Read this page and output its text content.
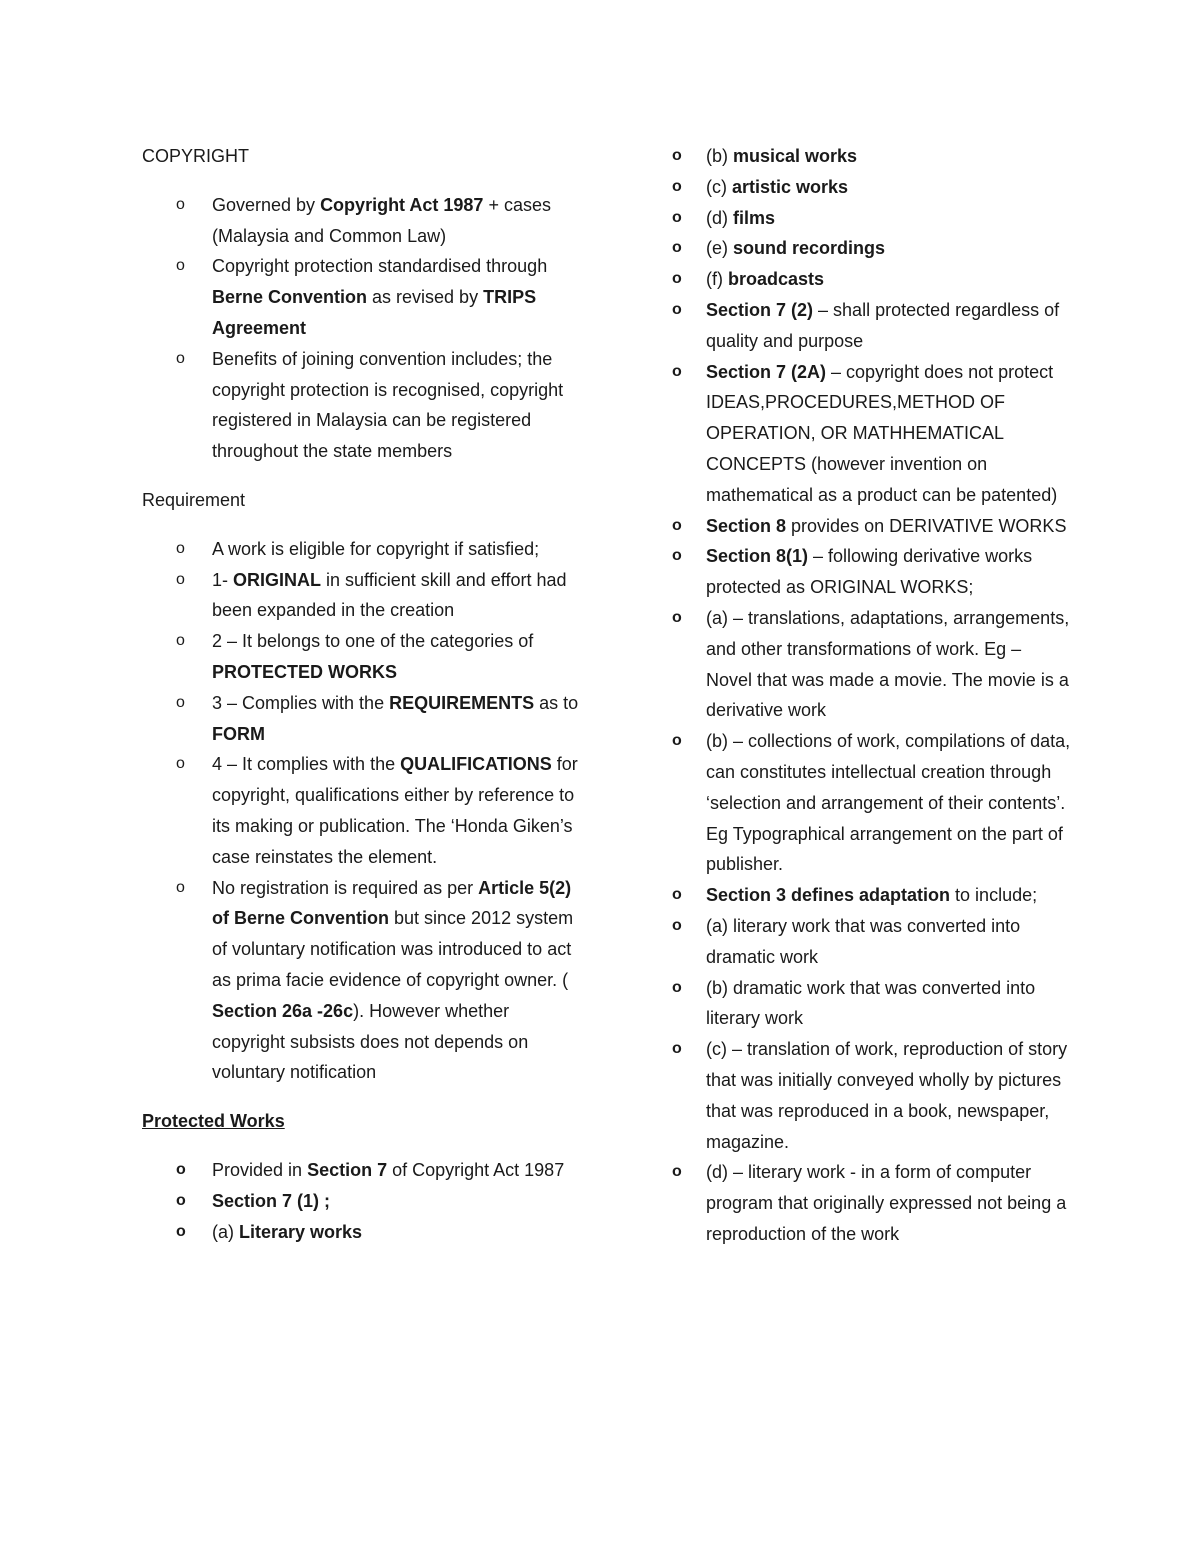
COPYRIGHT

o Governed by Copyright Act 1987 + cases (Malaysia and Common Law)
o Copyright protection standardised through Berne Convention as revised by TRIPS Agreement
o Benefits of joining convention includes; the copyright protection is recognised, copyright registered in Malaysia can be registered throughout the state members

Requirement

o A work is eligible for copyright if satisfied;
o 1- ORIGINAL in sufficient skill and effort had been expanded in the creation
o 2 – It belongs to one of the categories of PROTECTED WORKS
o 3 – Complies with the REQUIREMENTS as to FORM
o 4 – It complies with the QUALIFICATIONS for copyright, qualifications either by reference to its making or publication. The ‘Honda Giken’s case reinstates the element.
o No registration is required as per Article 5(2) of Berne Convention but since 2012 system of voluntary notification was introduced to act as prima facie evidence of copyright owner. ( Section 26a -26c). However whether copyright subsists does not depends on voluntary notification

Protected Works

o Provided in Section 7 of Copyright Act 1987
o Section 7 (1) ;
o (a) Literary works
o (b) musical works
o (c) artistic works
o (d) films
o (e) sound recordings
o (f) broadcasts
o Section 7 (2) – shall protected regardless of quality and purpose
o Section 7 (2A) – copyright does not protect IDEAS,PROCEDURES,METHOD OF OPERATION, OR MATHHEMATICAL CONCEPTS (however invention on mathematical as a product can be patented)
o Section 8 provides on DERIVATIVE WORKS
o Section 8(1) – following derivative works protected as ORIGINAL WORKS;
o (a) – translations, adaptations, arrangements, and other transformations of work. Eg – Novel that was made a movie. The movie is a derivative work
o (b) – collections of work, compilations of data, can constitutes intellectual creation through ‘selection and arrangement of their contents’. Eg Typographical arrangement on the part of publisher.
o Section 3 defines adaptation to include;
o (a) literary work that was converted into dramatic work
o (b) dramatic work that was converted into literary work
o (c) – translation of work, reproduction of story that was initially conveyed wholly by pictures that was reproduced in a book, newspaper, magazine.
o (d) – literary work - in a form of computer program that originally expressed not being a reproduction of the work
